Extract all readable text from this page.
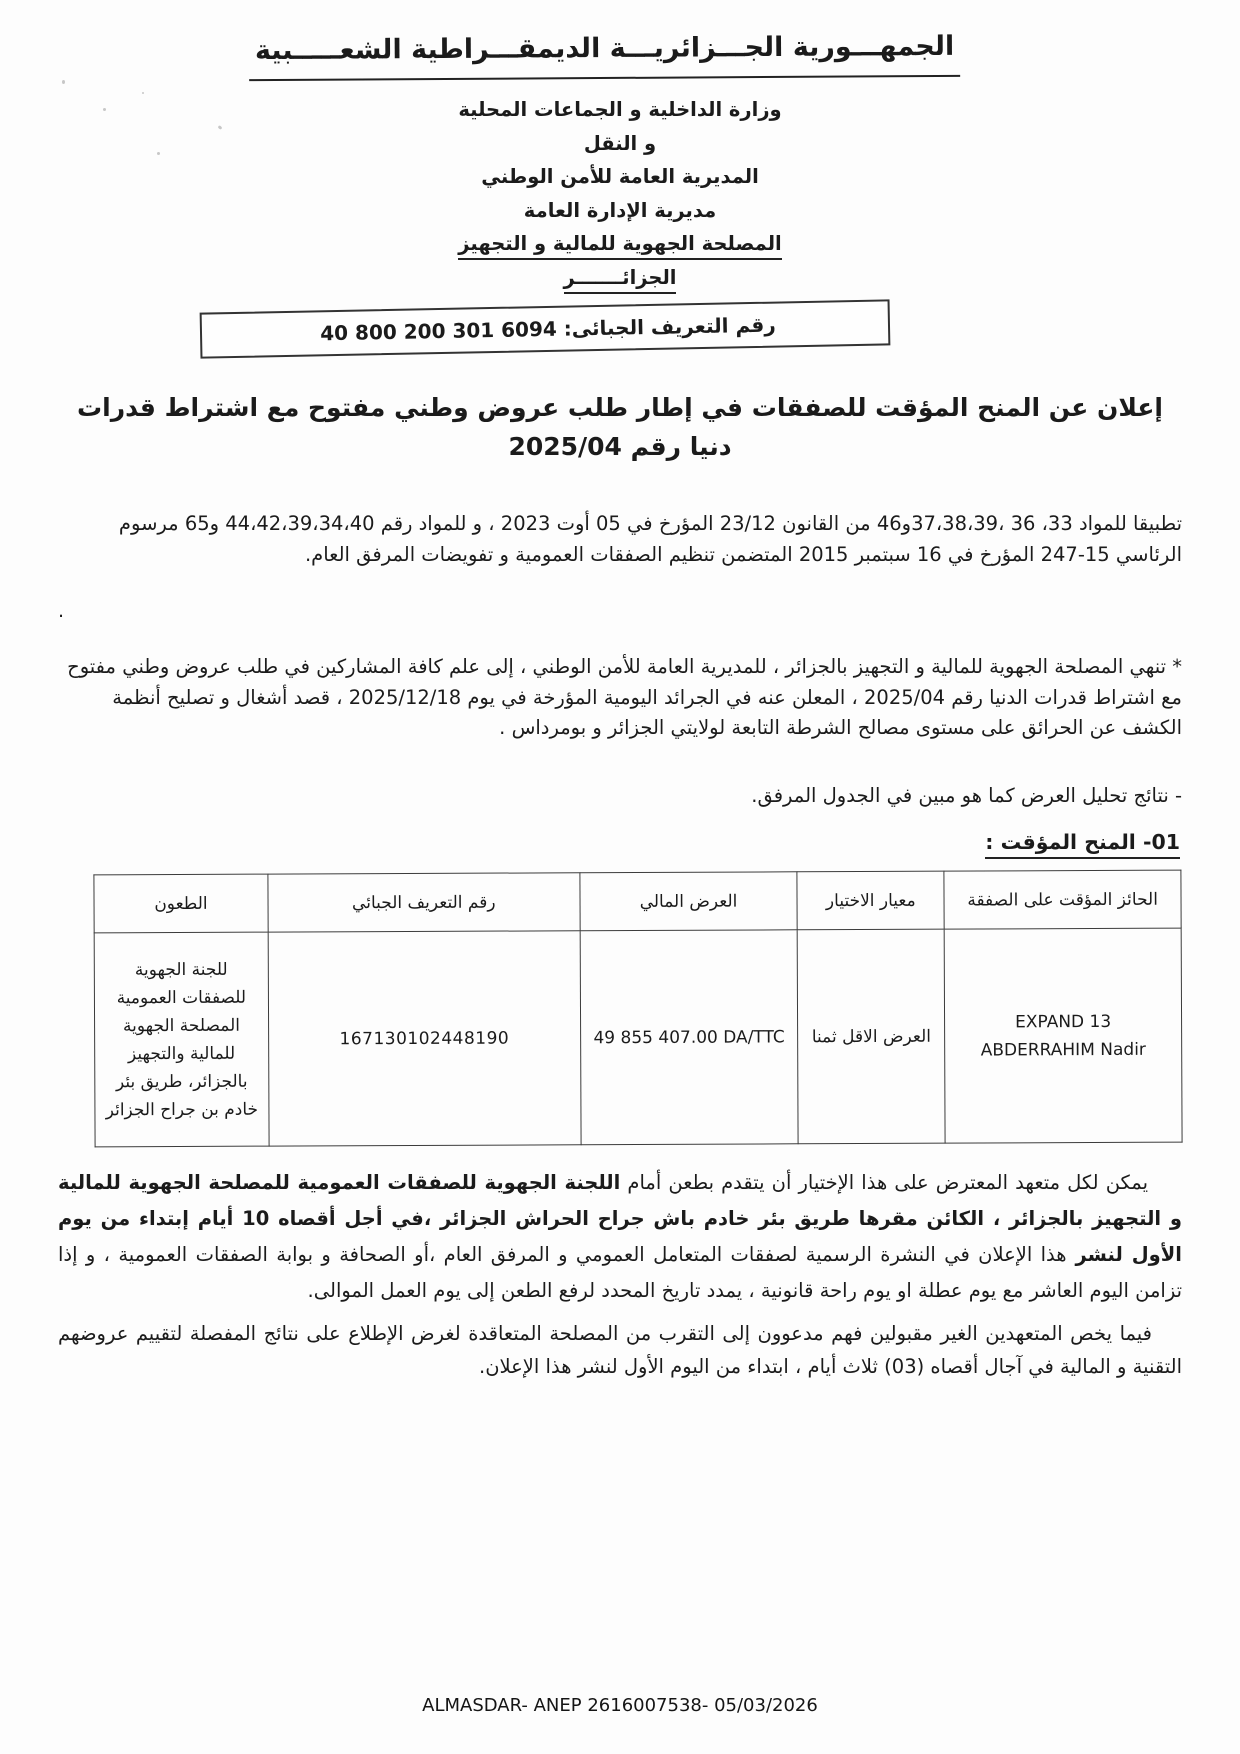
الجمهـــورية الجـــزائريـــة الديمقـــراطية الشعـــــبية
وزارة الداخلية و الجماعات المحلية
و النقل
المديرية العامة للأمن الوطني
مديرية الإدارة العامة
المصلحة الجهوية للمالية و التجهيز
الجزائـــــــر
رقم التعريف الجبائى: 40 800 200 301 6094
إعلان عن المنح المؤقت للصفقات في إطار طلب عروض وطني مفتوح مع اشتراط قدرات
دنيا رقم 2025/04

تطبيقا للمواد 33، 36 ،37،38،39و46 من القانون 23/12 المؤرخ في 05 أوت 2023 ، و للمواد رقم 44،42،39،34،40 و65 مرسوم الرئاسي 15-247 المؤرخ في 16 سبتمبر 2015 المتضمن تنظيم الصفقات العمومية و تفويضات المرفق العام.

.

* تنهي المصلحة الجهوية للمالية و التجهيز بالجزائر ، للمديرية العامة للأمن الوطني ، إلى علم كافة المشاركين في طلب عروض وطني مفتوح مع اشتراط قدرات الدنيا رقم 2025/04 ، المعلن عنه في الجرائد اليومية المؤرخة في يوم 2025/12/18 ، قصد أشغال و تصليح أنظمة الكشف عن الحرائق على مستوى مصالح الشرطة التابعة لولايتي الجزائر و بومرداس .

- نتائج تحليل العرض كما هو مبين في الجدول المرفق.

01- المنح المؤقت :
الحائز المؤقت على الصفقة	معيار الاختيار	العرض المالي	رقم التعريف الجبائي	الطعون

EXPAND 13
ABDERRAHIM Nadir	العرض الاقل ثمنا	49 855 407.00 DA/TTC	167130102448190	للجنة الجهوية للصفقات العمومية المصلحة الجهوية للمالية والتجهيز بالجزائر، طريق بئر خادم بن جراح الجزائر

يمكن لكل متعهد المعترض على هذا الإختيار أن يتقدم بطعن أمام اللجنة الجهوية للصفقات العمومية للمصلحة الجهوية للمالية و التجهيز بالجزائر ، الكائن مقرها طريق بئر خادم باش جراح الحراش الجزائر ،في أجل أقصاه 10 أيام إبتداء من يوم الأول لنشر هذا الإعلان في النشرة الرسمية لصفقات المتعامل العمومي و المرفق العام ،أو الصحافة و بوابة الصفقات العمومية ، و إذا تزامن اليوم العاشر مع يوم عطلة او يوم راحة قانونية ، يمدد تاريخ المحدد لرفع الطعن إلى يوم العمل الموالى.

فيما يخص المتعهدين الغير مقبولين فهم مدعوون إلى التقرب من المصلحة المتعاقدة لغرض الإطلاع على نتائج المفصلة لتقييم عروضهم التقنية و المالية في آجال أقصاه (03) ثلاث أيام ، ابتداء من اليوم الأول لنشر هذا الإعلان.

ALMASDAR- ANEP 2616007538- 05/03/2026
